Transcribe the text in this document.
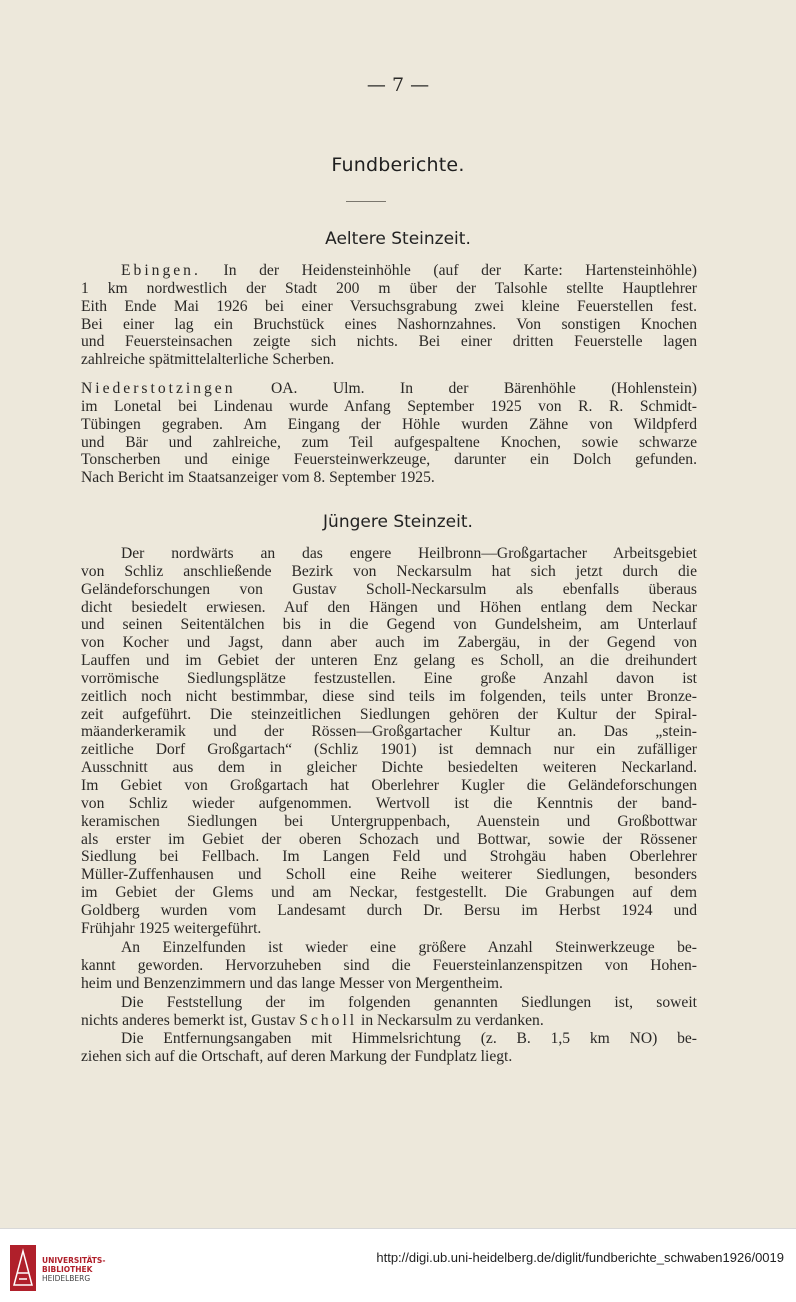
— 7 —
Fundberichte.
Aeltere Steinzeit.
Ebingen. In der Heidensteinhöhle (auf der Karte: Hartensteinhöhle)
1 km nordwestlich der Stadt 200 m über der Talsohle stellte Hauptlehrer
Eith Ende Mai 1926 bei einer Versuchsgrabung zwei kleine Feuerstellen fest.
Bei einer lag ein Bruchstück eines Nashornzahnes. Von sonstigen Knochen
und Feuersteinsachen zeigte sich nichts. Bei einer dritten Feuerstelle lagen
zahlreiche spätmittelalterliche Scherben.
Niederstotzingen OA. Ulm. In der Bärenhöhle (Hohlenstein)
im Lonetal bei Lindenau wurde Anfang September 1925 von R. R. Schmidt-
Tübingen gegraben. Am Eingang der Höhle wurden Zähne von Wildpferd
und Bär und zahlreiche, zum Teil aufgespaltene Knochen, sowie schwarze
Tonscherben und einige Feuersteinwerkzeuge, darunter ein Dolch gefunden.
Nach Bericht im Staatsanzeiger vom 8. September 1925.
Jüngere Steinzeit.
Der nordwärts an das engere Heilbronn—Großgartacher Arbeitsgebiet
von Schliz anschließende Bezirk von Neckarsulm hat sich jetzt durch die
Geländeforschungen von Gustav Scholl-Neckarsulm als ebenfalls überaus
dicht besiedelt erwiesen. Auf den Hängen und Höhen entlang dem Neckar
und seinen Seitentälchen bis in die Gegend von Gundelsheim, am Unterlauf
von Kocher und Jagst, dann aber auch im Zabergäu, in der Gegend von
Lauffen und im Gebiet der unteren Enz gelang es Scholl, an die dreihundert
vorrömische Siedlungsplätze festzustellen. Eine große Anzahl davon ist
zeitlich noch nicht bestimmbar, diese sind teils im folgenden, teils unter Bronze-
zeit aufgeführt. Die steinzeitlichen Siedlungen gehören der Kultur der Spiral-
mäanderkeramik und der Rössen—Großgartacher Kultur an. Das „stein-
zeitliche Dorf Großgartach“ (Schliz 1901) ist demnach nur ein zufälliger
Ausschnitt aus dem in gleicher Dichte besiedelten weiteren Neckarland.
Im Gebiet von Großgartach hat Oberlehrer Kugler die Geländeforschungen
von Schliz wieder aufgenommen. Wertvoll ist die Kenntnis der band-
keramischen Siedlungen bei Untergruppenbach, Auenstein und Großbottwar
als erster im Gebiet der oberen Schozach und Bottwar, sowie der Rössener
Siedlung bei Fellbach. Im Langen Feld und Strohgäu haben Oberlehrer
Müller-Zuffenhausen und Scholl eine Reihe weiterer Siedlungen, besonders
im Gebiet der Glems und am Neckar, festgestellt. Die Grabungen auf dem
Goldberg wurden vom Landesamt durch Dr. Bersu im Herbst 1924 und
Frühjahr 1925 weitergeführt.
An Einzelfunden ist wieder eine größere Anzahl Steinwerkzeuge be-
kannt geworden. Hervorzuheben sind die Feuersteinlanzenspitzen von Hohen-
heim und Benzenzimmern und das lange Messer von Mergentheim.
Die Feststellung der im folgenden genannten Siedlungen ist, soweit
nichts anderes bemerkt ist, Gustav Scholl in Neckarsulm zu verdanken.
Die Entfernungsangaben mit Himmelsrichtung (z. B. 1,5 km NO) be-
ziehen sich auf die Ortschaft, auf deren Markung der Fundplatz liegt.
UNIVERSITÄTS-
BIBLIOTHEK
HEIDELBERG
http://digi.ub.uni-heidelberg.de/diglit/fundberichte_schwaben1926/0019
